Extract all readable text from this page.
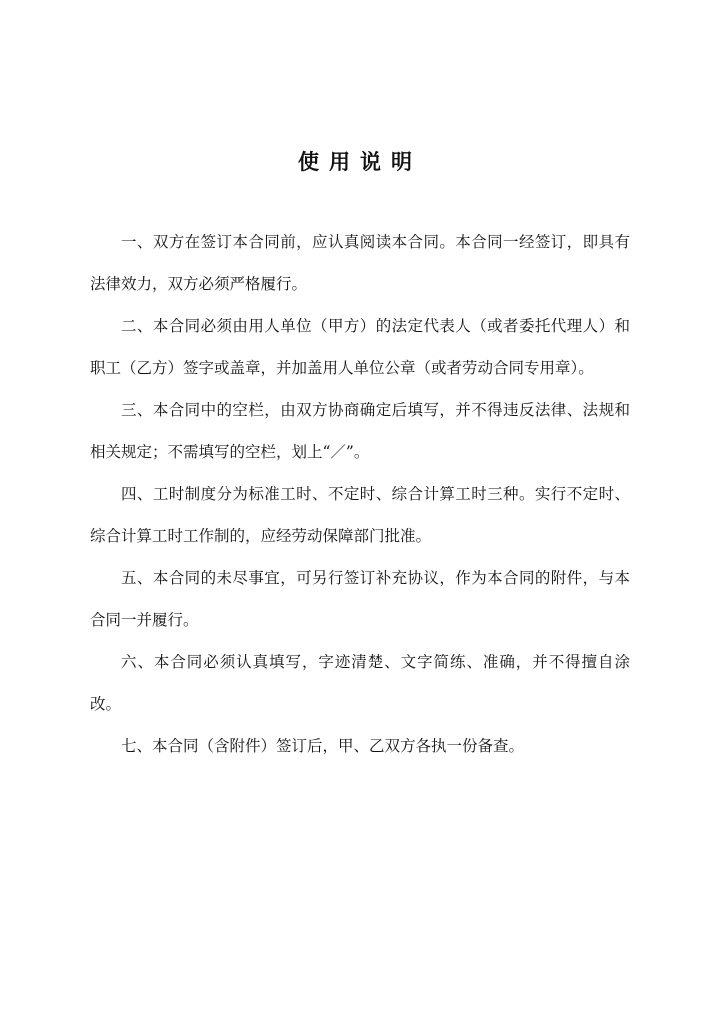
使用说明

一、双方在签订本合同前，应认真阅读本合同。本合同一经签订，即具有法律效力，双方必须严格履行。

二、本合同必须由用人单位（甲方）的法定代表人（或者委托代理人）和职工（乙方）签字或盖章，并加盖用人单位公章（或者劳动合同专用章）。

三、本合同中的空栏，由双方协商确定后填写，并不得违反法律、法规和相关规定；不需填写的空栏，划上“／”。

四、工时制度分为标准工时、不定时、综合计算工时三种。实行不定时、综合计算工时工作制的，应经劳动保障部门批准。

五、本合同的未尽事宜，可另行签订补充协议，作为本合同的附件，与本合同一并履行。

六、本合同必须认真填写，字迹清楚、文字简练、准确，并不得擅自涂改。

七、本合同（含附件）签订后，甲、乙双方各执一份备查。
